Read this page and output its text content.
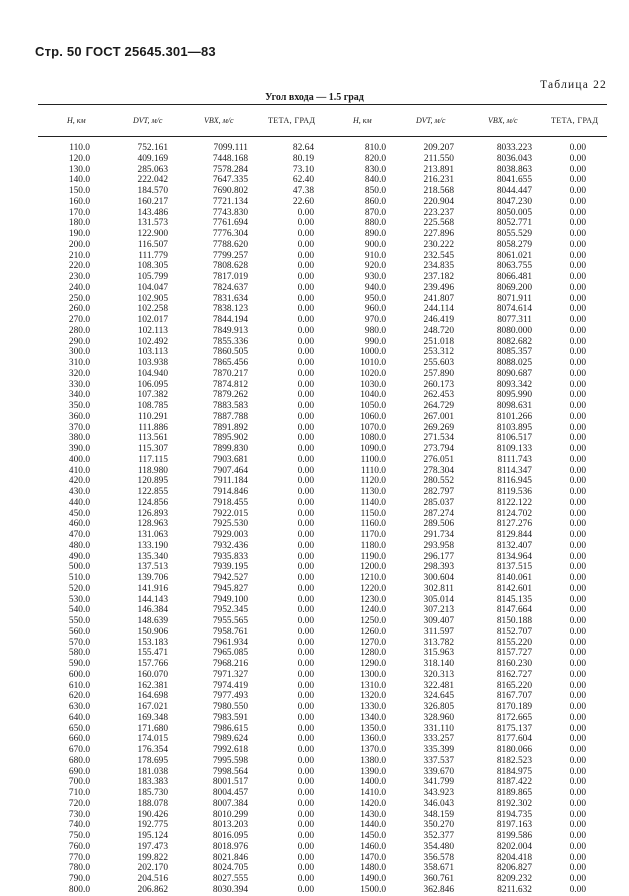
Стр. 50 ГОСТ 25645.301—83
Таблица 22
Угол входа — 1.5 град
H, км	DVT, м/с	VBX, м/с	ТЕТА, ГРАД	H, км	DVT, м/с	VBX, м/с	ТЕТА, ГРАД
110.0	752.161	7099.111	82.64	810.0	209.207	8033.223	0.00
120.0	409.169	7448.168	80.19	820.0	211.550	8036.043	0.00
130.0	285.063	7578.284	73.10	830.0	213.891	8038.863	0.00
140.0	222.042	7647.335	62.40	840.0	216.231	8041.655	0.00
150.0	184.570	7690.802	47.38	850.0	218.568	8044.447	0.00
160.0	160.217	7721.134	22.60	860.0	220.904	8047.230	0.00
170.0	143.486	7743.830	0.00	870.0	223.237	8050.005	0.00
180.0	131.573	7761.694	0.00	880.0	225.568	8052.771	0.00
190.0	122.900	7776.304	0.00	890.0	227.896	8055.529	0.00
200.0	116.507	7788.620	0.00	900.0	230.222	8058.279	0.00
210.0	111.779	7799.257	0.00	910.0	232.545	8061.021	0.00
220.0	108.305	7808.628	0.00	920.0	234.835	8063.755	0.00
230.0	105.799	7817.019	0.00	930.0	237.182	8066.481	0.00
240.0	104.047	7824.637	0.00	940.0	239.496	8069.200	0.00
250.0	102.905	7831.634	0.00	950.0	241.807	8071.911	0.00
260.0	102.258	7838.123	0.00	960.0	244.114	8074.614	0.00
270.0	102.017	7844.194	0.00	970.0	246.419	8077.311	0.00
280.0	102.113	7849.913	0.00	980.0	248.720	8080.000	0.00
290.0	102.492	7855.336	0.00	990.0	251.018	8082.682	0.00
300.0	103.113	7860.505	0.00	1000.0	253.312	8085.357	0.00
310.0	103.938	7865.456	0.00	1010.0	255.603	8088.025	0.00
320.0	104.940	7870.217	0.00	1020.0	257.890	8090.687	0.00
330.0	106.095	7874.812	0.00	1030.0	260.173	8093.342	0.00
340.0	107.382	7879.262	0.00	1040.0	262.453	8095.990	0.00
350.0	108.785	7883.583	0.00	1050.0	264.729	8098.631	0.00
360.0	110.291	7887.788	0.00	1060.0	267.001	8101.266	0.00
370.0	111.886	7891.892	0.00	1070.0	269.269	8103.895	0.00
380.0	113.561	7895.902	0.00	1080.0	271.534	8106.517	0.00
390.0	115.307	7899.830	0.00	1090.0	273.794	8109.133	0.00
400.0	117.115	7903.681	0.00	1100.0	276.051	8111.743	0.00
410.0	118.980	7907.464	0.00	1110.0	278.304	8114.347	0.00
420.0	120.895	7911.184	0.00	1120.0	280.552	8116.945	0.00
430.0	122.855	7914.846	0.00	1130.0	282.797	8119.536	0.00
440.0	124.856	7918.455	0.00	1140.0	285.037	8122.122	0.00
450.0	126.893	7922.015	0.00	1150.0	287.274	8124.702	0.00
460.0	128.963	7925.530	0.00	1160.0	289.506	8127.276	0.00
470.0	131.063	7929.003	0.00	1170.0	291.734	8129.844	0.00
480.0	133.190	7932.436	0.00	1180.0	293.958	8132.407	0.00
490.0	135.340	7935.833	0.00	1190.0	296.177	8134.964	0.00
500.0	137.513	7939.195	0.00	1200.0	298.393	8137.515	0.00
510.0	139.706	7942.527	0.00	1210.0	300.604	8140.061	0.00
520.0	141.916	7945.827	0.00	1220.0	302.811	8142.601	0.00
530.0	144.143	7949.100	0.00	1230.0	305.014	8145.135	0.00
540.0	146.384	7952.345	0.00	1240.0	307.213	8147.664	0.00
550.0	148.639	7955.565	0.00	1250.0	309.407	8150.188	0.00
560.0	150.906	7958.761	0.00	1260.0	311.597	8152.707	0.00
570.0	153.183	7961.934	0.00	1270.0	313.782	8155.220	0.00
580.0	155.471	7965.085	0.00	1280.0	315.963	8157.727	0.00
590.0	157.766	7968.216	0.00	1290.0	318.140	8160.230	0.00
600.0	160.070	7971.327	0.00	1300.0	320.313	8162.727	0.00
610.0	162.381	7974.419	0.00	1310.0	322.481	8165.220	0.00
620.0	164.698	7977.493	0.00	1320.0	324.645	8167.707	0.00
630.0	167.021	7980.550	0.00	1330.0	326.805	8170.189	0.00
640.0	169.348	7983.591	0.00	1340.0	328.960	8172.665	0.00
650.0	171.680	7986.615	0.00	1350.0	331.110	8175.137	0.00
660.0	174.015	7989.624	0.00	1360.0	333.257	8177.604	0.00
670.0	176.354	7992.618	0.00	1370.0	335.399	8180.066	0.00
680.0	178.695	7995.598	0.00	1380.0	337.537	8182.523	0.00
690.0	181.038	7998.564	0.00	1390.0	339.670	8184.975	0.00
700.0	183.383	8001.517	0.00	1400.0	341.799	8187.422	0.00
710.0	185.730	8004.457	0.00	1410.0	343.923	8189.865	0.00
720.0	188.078	8007.384	0.00	1420.0	346.043	8192.302	0.00
730.0	190.426	8010.299	0.00	1430.0	348.159	8194.735	0.00
740.0	192.775	8013.203	0.00	1440.0	350.270	8197.163	0.00
750.0	195.124	8016.095	0.00	1450.0	352.377	8199.586	0.00
760.0	197.473	8018.976	0.00	1460.0	354.480	8202.004	0.00
770.0	199.822	8021.846	0.00	1470.0	356.578	8204.418	0.00
780.0	202.170	8024.705	0.00	1480.0	358.671	8206.827	0.00
790.0	204.516	8027.555	0.00	1490.0	360.761	8209.232	0.00
800.0	206.862	8030.394	0.00	1500.0	362.846	8211.632	0.00
